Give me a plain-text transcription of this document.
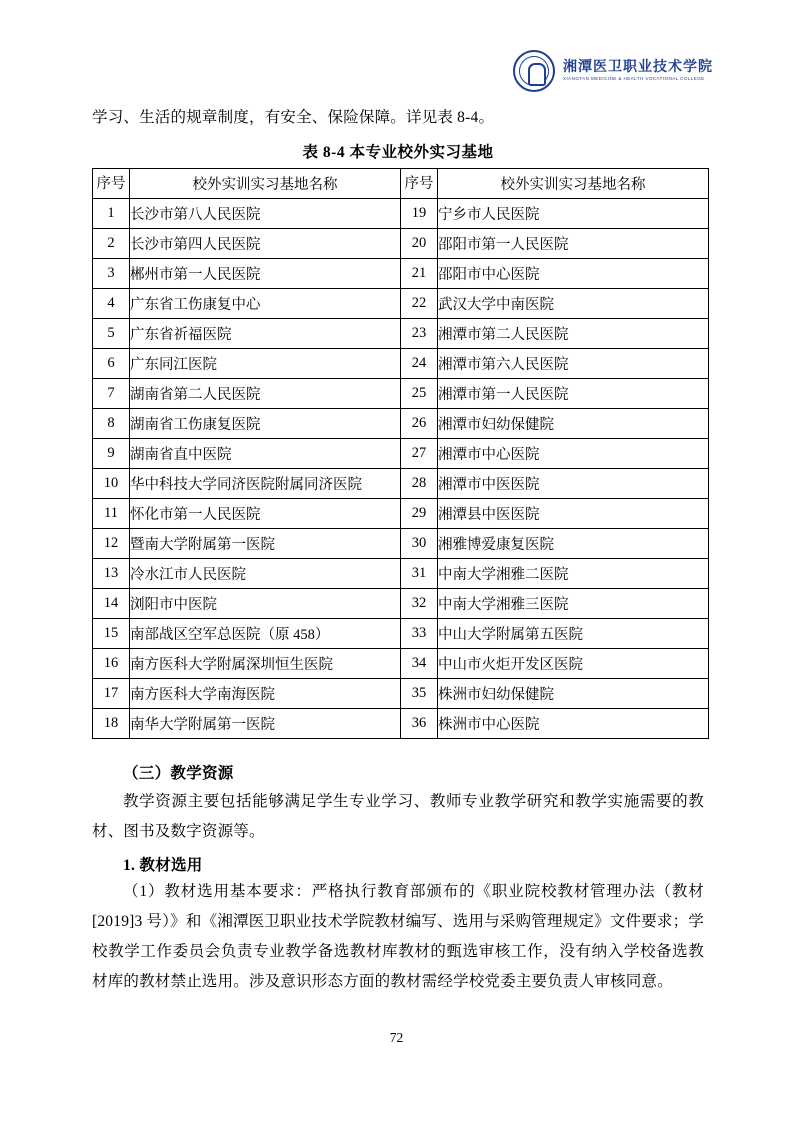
湘潭医卫职业技术学院
XIANGTAN MEDICINE & HEALTH VOCATIONAL COLLEGE

学习、生活的规章制度，有安全、保险保障。详见表 8-4。

表 8-4 本专业校外实习基地
序号	校外实训实习基地名称	序号	校外实训实习基地名称
1	长沙市第八人民医院	19	宁乡市人民医院
2	长沙市第四人民医院	20	邵阳市第一人民医院
3	郴州市第一人民医院	21	邵阳市中心医院
4	广东省工伤康复中心	22	武汉大学中南医院
5	广东省祈福医院	23	湘潭市第二人民医院
6	广东同江医院	24	湘潭市第六人民医院
7	湖南省第二人民医院	25	湘潭市第一人民医院
8	湖南省工伤康复医院	26	湘潭市妇幼保健院
9	湖南省直中医院	27	湘潭市中心医院
10	华中科技大学同济医院附属同济医院	28	湘潭市中医医院
11	怀化市第一人民医院	29	湘潭县中医医院
12	暨南大学附属第一医院	30	湘雅博爱康复医院
13	冷水江市人民医院	31	中南大学湘雅二医院
14	浏阳市中医院	32	中南大学湘雅三医院
15	南部战区空军总医院（原 458）	33	中山大学附属第五医院
16	南方医科大学附属深圳恒生医院	34	中山市火炬开发区医院
17	南方医科大学南海医院	35	株洲市妇幼保健院
18	南华大学附属第一医院	36	株洲市中心医院
（三）教学资源

教学资源主要包括能够满足学生专业学习、教师专业教学研究和教学实施需要的教材、图书及数字资源等。

1. 教材选用

（1）教材选用基本要求：严格执行教育部颁布的《职业院校教材管理办法（教材[2019]3 号）》和《湘潭医卫职业技术学院教材编写、选用与采购管理规定》文件要求；学校教学工作委员会负责专业教学备选教材库教材的甄选审核工作，没有纳入学校备选教材库的教材禁止选用。涉及意识形态方面的教材需经学校党委主要负责人审核同意。

72
